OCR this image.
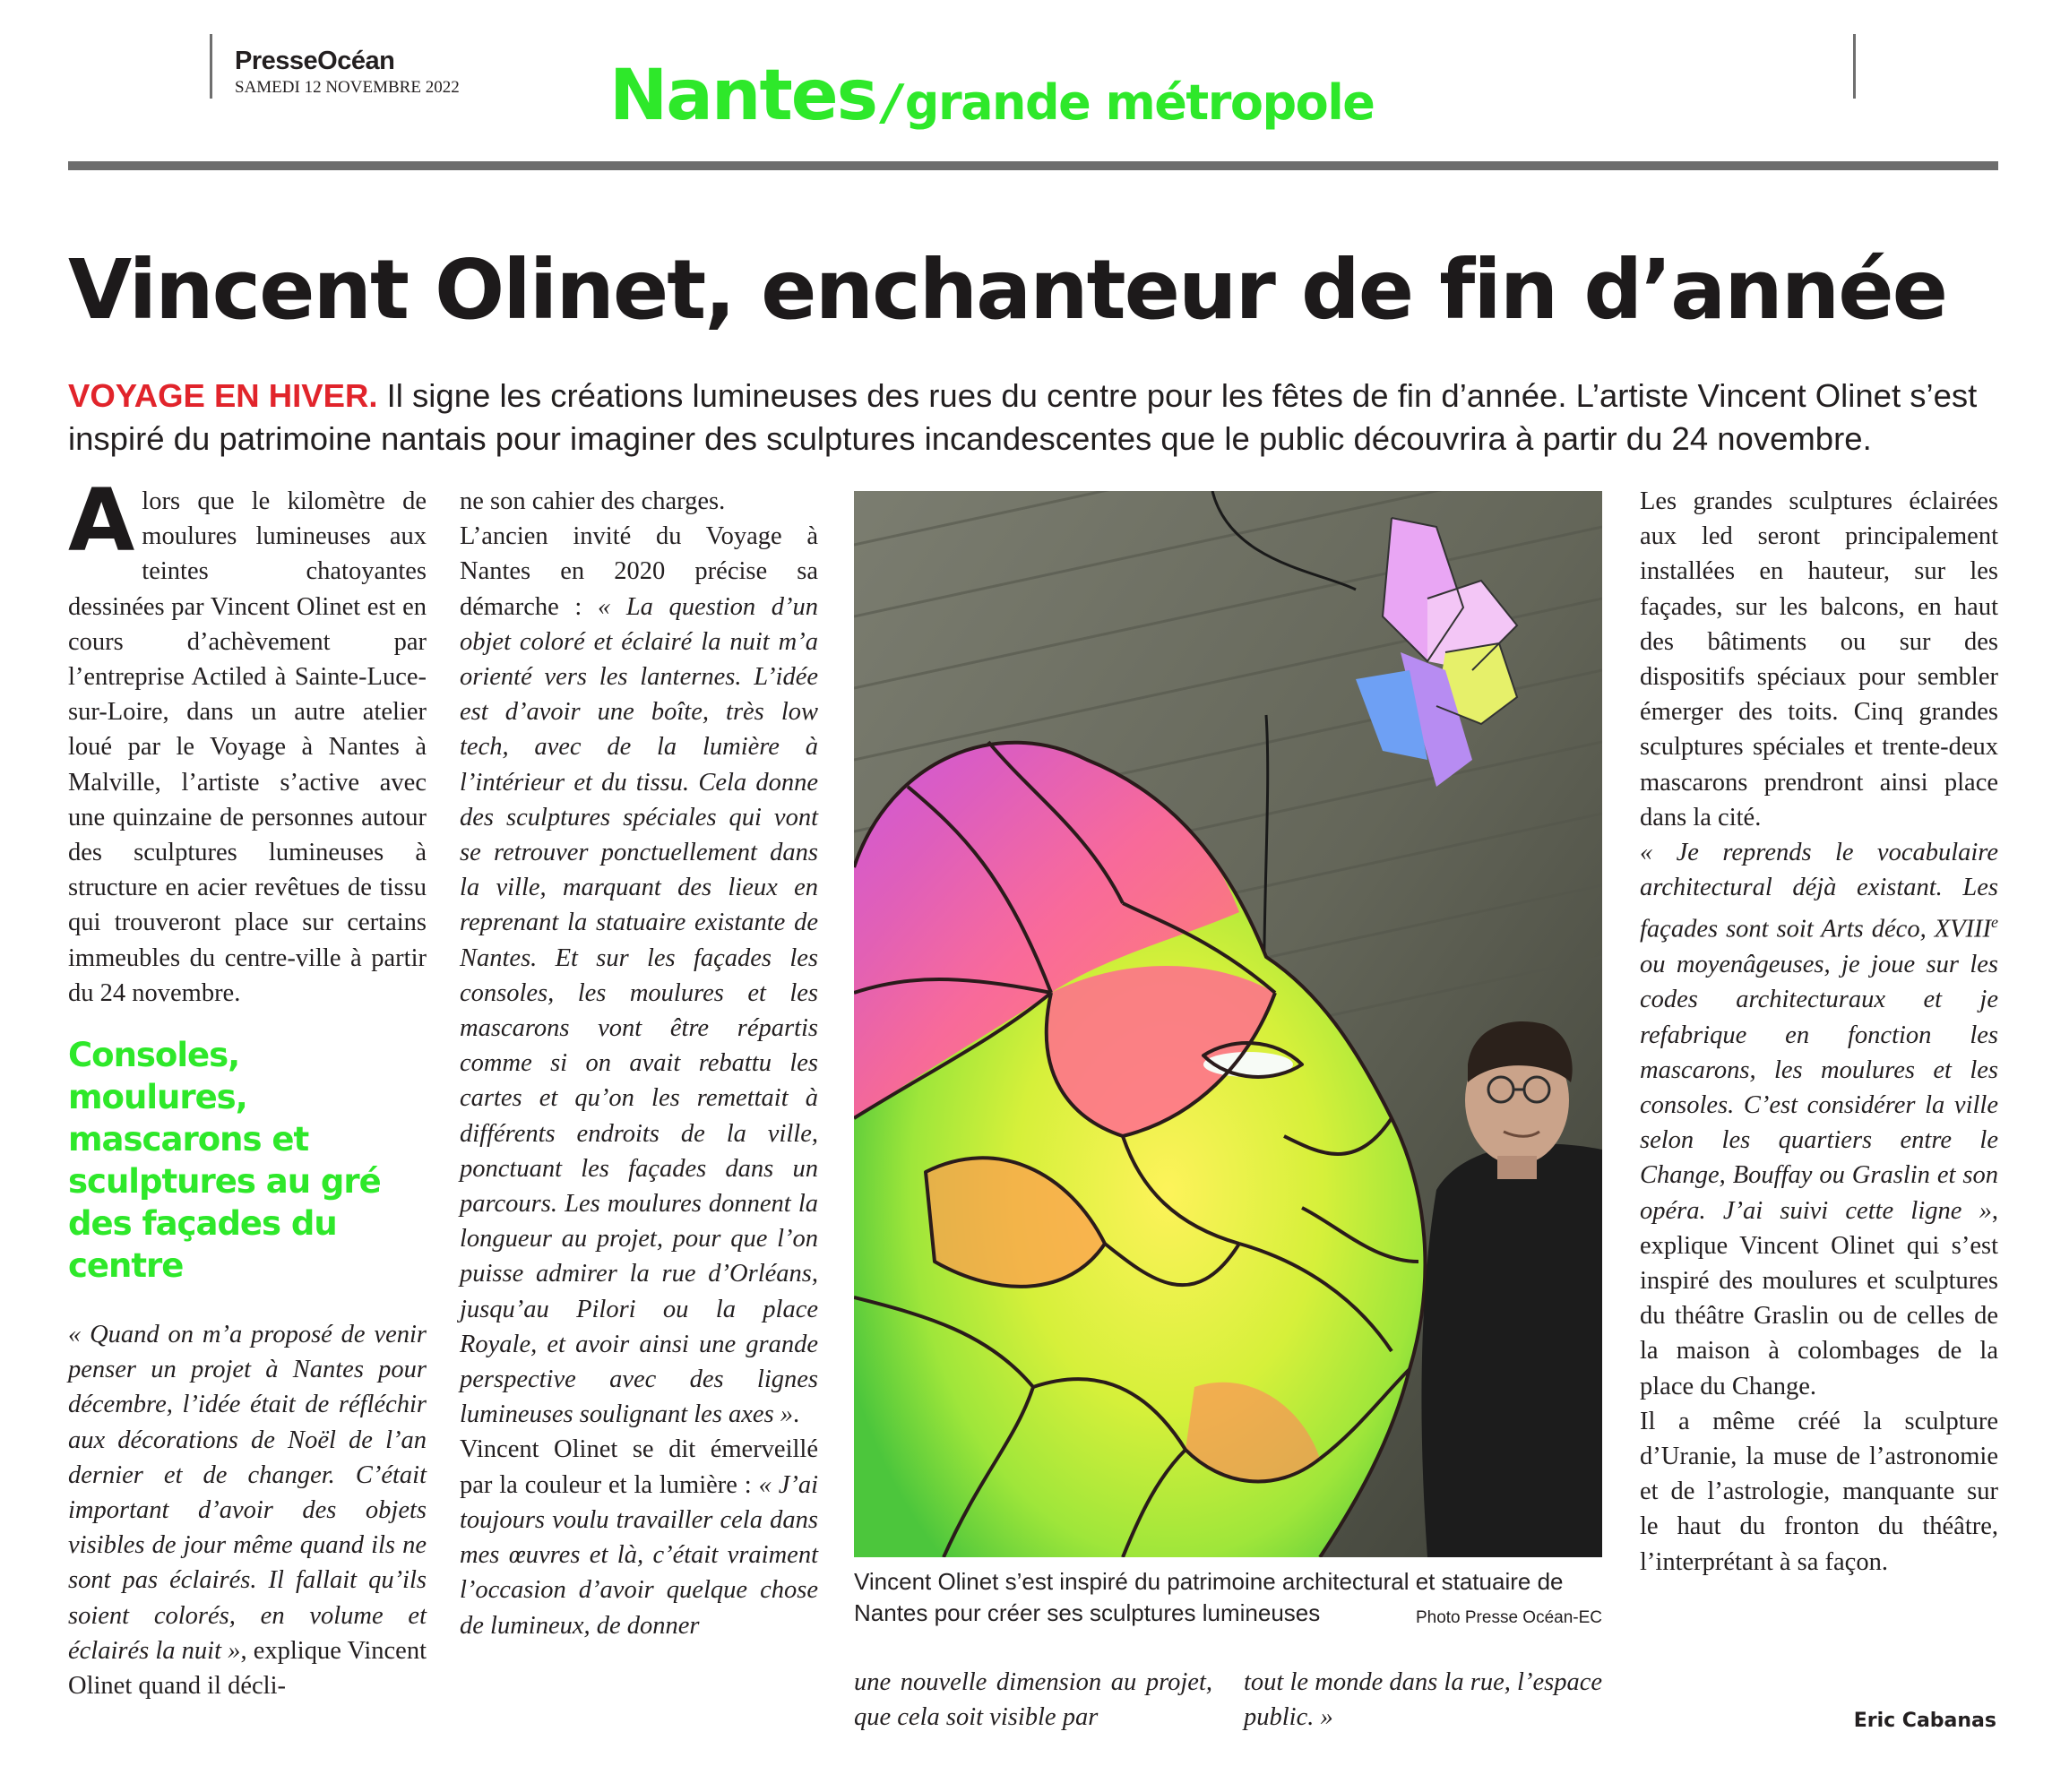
PresseOcéan
SAMEDI 12 NOVEMBRE 2022 Nantes /grande métropole
Vincent Olinet, enchanteur de fin d’année
VOYAGE EN HIVER. Il signe les créations lumineuses des rues du centre pour les fêtes de fin d’année. L’artiste Vincent Olinet s’est inspiré du patrimoine nantais pour imaginer des sculptures incandescentes que le public découvrira à partir du 24 novembre.

Alors que le kilomètre de moulures lumineuses aux teintes chatoyantes dessinées par Vincent Olinet est en cours d’achèvement par l’entreprise Actiled à Sainte-Luce-sur-Loire, dans un autre atelier loué par le Voyage à Nantes à Malville, l’artiste s’active avec une quinzaine de personnes autour des sculptures lumineuses à structure en acier revêtues de tissu qui trouveront place sur certains immeubles du centre-ville à partir du 24 novembre.

Consoles, moulures, mascarons et sculptures au gré des façades du centre

« Quand on m’a proposé de venir penser un projet à Nantes pour décembre, l’idée était de réfléchir aux décorations de Noël de l’an dernier et de changer. C’était important d’avoir des objets visibles de jour même quand ils ne sont pas éclairés. Il fallait qu’ils soient colorés, en volume et éclairés la nuit », explique Vincent Olinet quand il décli-

ne son cahier des charges.

L’ancien invité du Voyage à Nantes en 2020 précise sa démarche : « La question d’un objet coloré et éclairé la nuit m’a orienté vers les lanternes. L’idée est d’avoir une boîte, très low tech, avec de la lumière à l’intérieur et du tissu. Cela donne des sculptures spéciales qui vont se retrouver ponctuellement dans la ville, marquant des lieux en reprenant la statuaire existante de Nantes. Et sur les façades les consoles, les moulures et les mascarons vont être répartis comme si on avait rebattu les cartes et qu’on les remettait à différents endroits de la ville, ponctuant les façades dans un parcours. Les moulures donnent la longueur au projet, pour que l’on puisse admirer la rue d’Orléans, jusqu’au Pilori ou la place Royale, et avoir ainsi une grande perspective avec des lignes lumineuses soulignant les axes ».

Vincent Olinet se dit émerveillé par la couleur et la lumière : « J’ai toujours voulu travailler cela dans mes œuvres et là, c’était vraiment l’occasion d’avoir quelque chose de lumineux, de donner

Vincent Olinet s’est inspiré du patrimoine architectural et statuaire de Nantes pour créer ses sculptures lumineuses	Photo Presse Océan-EC
une nouvelle dimension au projet, que cela soit visible par
tout le monde dans la rue, l’espace public. »

Les grandes sculptures éclairées aux led seront principalement installées en hauteur, sur les façades, sur les balcons, en haut des bâtiments ou sur des dispositifs spéciaux pour sembler émerger des toits. Cinq grandes sculptures spéciales et trente-deux mascarons prendront ainsi place dans la cité.

« Je reprends le vocabulaire architectural déjà existant. Les façades sont soit Arts déco, XVIIIe ou moyenâgeuses, je joue sur les codes architecturaux et je refabrique en fonction les mascarons, les moulures et les consoles. C’est considérer la ville selon les quartiers entre le Change, Bouffay ou Graslin et son opéra. J’ai suivi cette ligne », explique Vincent Olinet qui s’est inspiré des moulures et sculptures du théâtre Graslin ou de celles de la maison à colombages de la place du Change.

Il a même créé la sculpture d’Uranie, la muse de l’astronomie et de l’astrologie, manquante sur le haut du fronton du théâtre, l’interprétant à sa façon.

Eric Cabanas
